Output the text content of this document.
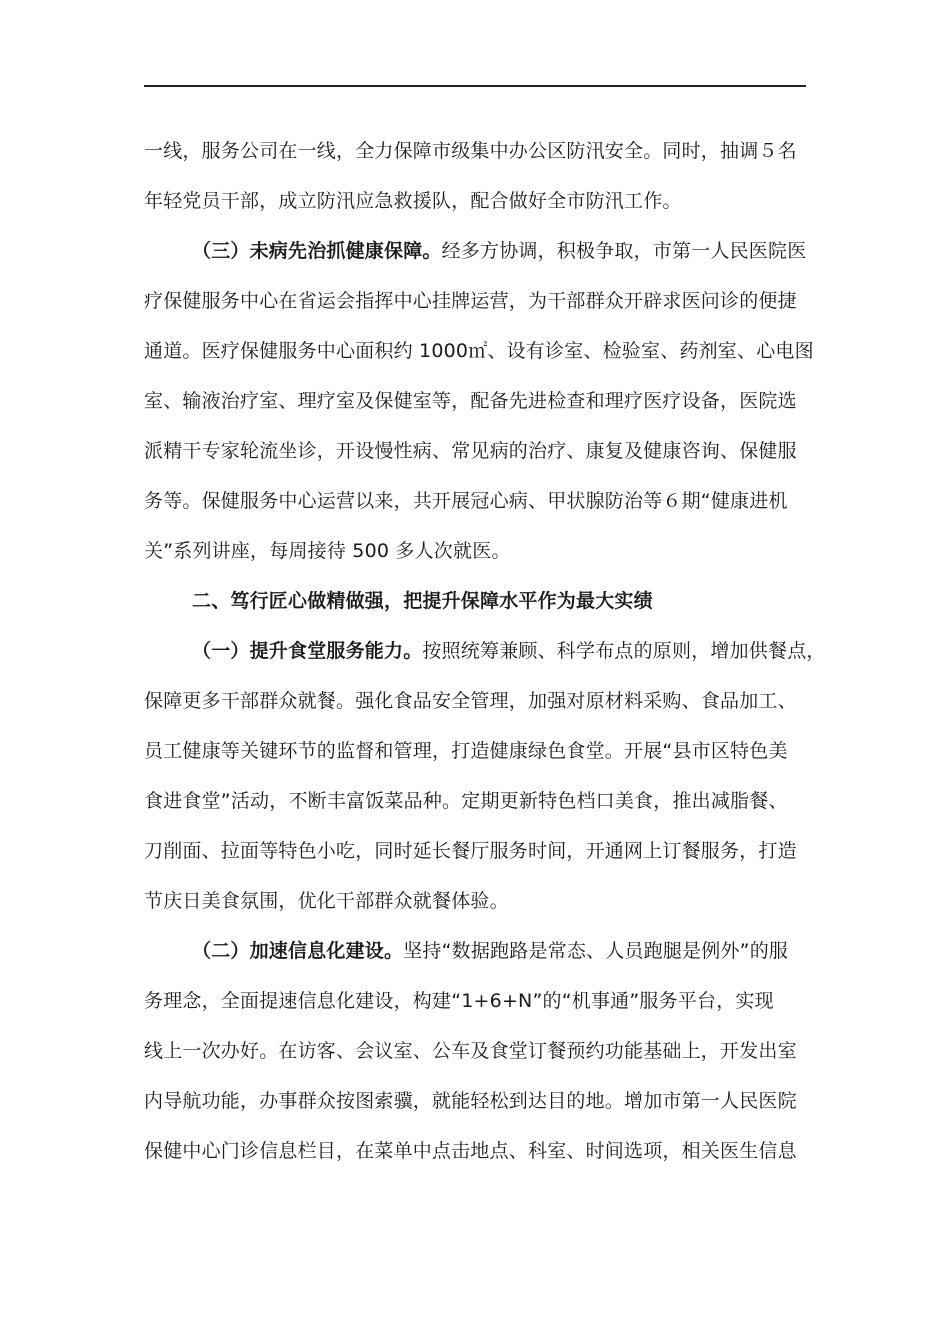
一线，服务公司在一线，全力保障市级集中办公区防汛安全。同时，抽调５名
年轻党员干部，成立防汛应急救援队，配合做好全市防汛工作。
（三）未病先治抓健康保障。经多方协调，积极争取，市第一人民医院医
疗保健服务中心在省运会指挥中心挂牌运营，为干部群众开辟求医问诊的便捷
通道。医疗保健服务中心面积约 1000㎡、设有诊室、检验室、药剂室、心电图
室、输液治疗室、理疗室及保健室等，配备先进检查和理疗医疗设备，医院选
派精干专家轮流坐诊，开设慢性病、常见病的治疗、康复及健康咨询、保健服
务等。保健服务中心运营以来，共开展冠心病、甲状腺防治等６期“健康进机
关”系列讲座，每周接待 500 多人次就医。
二、笃行匠心做精做强，把提升保障水平作为最大实绩
（一）提升食堂服务能力。按照统筹兼顾、科学布点的原则，增加供餐点，
保障更多干部群众就餐。强化食品安全管理，加强对原材料采购、食品加工、
员工健康等关键环节的监督和管理，打造健康绿色食堂。开展“县市区特色美
食进食堂”活动，不断丰富饭菜品种。定期更新特色档口美食，推出减脂餐、
刀削面、拉面等特色小吃，同时延长餐厅服务时间，开通网上订餐服务，打造
节庆日美食氛围，优化干部群众就餐体验。
（二）加速信息化建设。坚持“数据跑路是常态、人员跑腿是例外”的服
务理念，全面提速信息化建设，构建“1+6+N”的“机事通”服务平台，实现
线上一次办好。在访客、会议室、公车及食堂订餐预约功能基础上，开发出室
内导航功能，办事群众按图索骥，就能轻松到达目的地。增加市第一人民医院
保健中心门诊信息栏目，在菜单中点击地点、科室、时间选项，相关医生信息
